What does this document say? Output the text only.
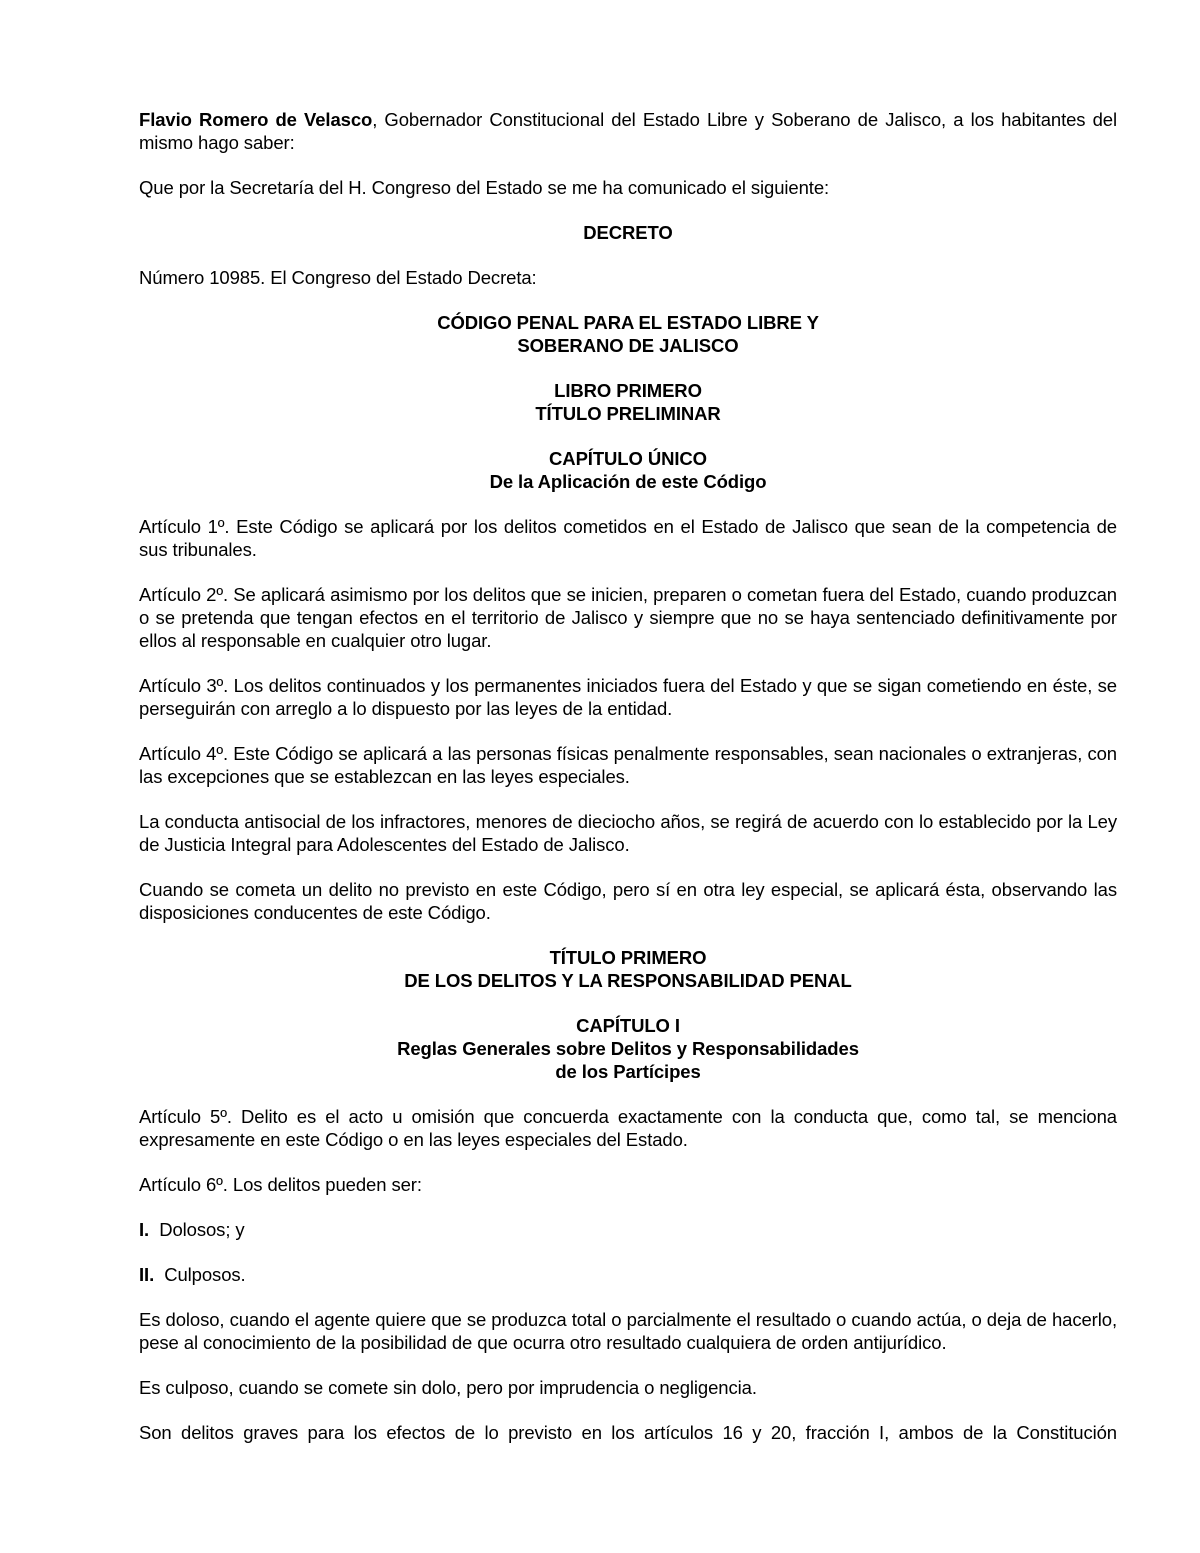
Flavio Romero de Velasco, Gobernador Constitucional del Estado Libre y Soberano de Jalisco, a los habitantes del mismo hago saber:

Que por la Secretaría del H. Congreso del Estado se me ha comunicado el siguiente:

DECRETO

Número 10985. El Congreso del Estado Decreta:

CÓDIGO PENAL PARA EL ESTADO LIBRE Y

SOBERANO DE JALISCO

LIBRO PRIMERO

TÍTULO PRELIMINAR

CAPÍTULO ÚNICO

De la Aplicación de este Código

Artículo 1º. Este Código se aplicará por los delitos cometidos en el Estado de Jalisco que sean de la competencia de sus tribunales.

Artículo 2º. Se aplicará asimismo por los delitos que se inicien, preparen o cometan fuera del Estado, cuando produzcan o se pretenda que tengan efectos en el territorio de Jalisco y siempre que no se haya sentenciado definitivamente por ellos al responsable en cualquier otro lugar.

Artículo 3º. Los delitos continuados y los permanentes iniciados fuera del Estado y que se sigan cometiendo en éste, se perseguirán con arreglo a lo dispuesto por las leyes de la entidad.

Artículo 4º. Este Código se aplicará a las personas físicas penalmente responsables, sean nacionales o extranjeras, con las excepciones que se establezcan en las leyes especiales.

La conducta antisocial de los infractores, menores de dieciocho años, se regirá de acuerdo con lo establecido por la Ley de Justicia Integral para Adolescentes del Estado de Jalisco.

Cuando se cometa un delito no previsto en este Código, pero sí en otra ley especial, se aplicará ésta, observando las disposiciones conducentes de este Código.

TÍTULO PRIMERO

DE LOS DELITOS Y LA RESPONSABILIDAD PENAL

CAPÍTULO I

Reglas Generales sobre Delitos y Responsabilidades

de los Partícipes

Artículo 5º. Delito es el acto u omisión que concuerda exactamente con la conducta que, como tal, se menciona expresamente en este Código o en las leyes especiales del Estado.

Artículo 6º. Los delitos pueden ser:

I. Dolosos; y

II. Culposos.

Es doloso, cuando el agente quiere que se produzca total o parcialmente el resultado o cuando actúa, o deja de hacerlo, pese al conocimiento de la posibilidad de que ocurra otro resultado cualquiera de orden antijurídico.

Es culposo, cuando se comete sin dolo, pero por imprudencia o negligencia.

Son delitos graves para los efectos de lo previsto en los artículos 16 y 20, fracción I, ambos de la Constitución
